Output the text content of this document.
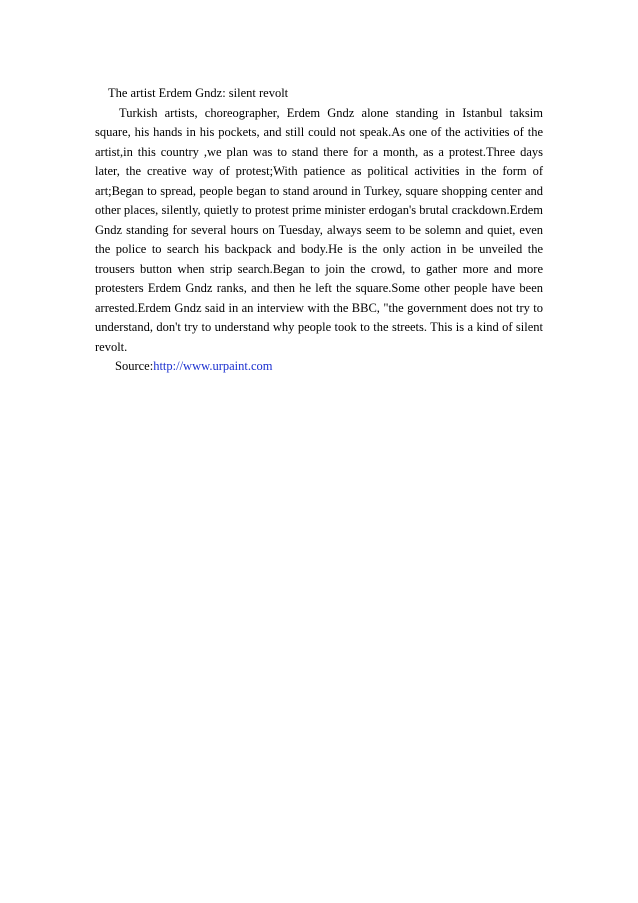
The artist Erdem Gndz: silent revolt

Turkish artists, choreographer, Erdem Gndz alone standing in Istanbul taksim square, his hands in his pockets, and still could not speak.As one of the activities of the artist,in this country ,we plan was to stand there for a month, as a protest.Three days later, the creative way of protest;With patience as political activities in the form of art;Began to spread, people began to stand around in Turkey, square shopping center and other places, silently, quietly to protest prime minister erdogan's brutal crackdown.Erdem Gndz standing for several hours on Tuesday, always seem to be solemn and quiet, even the police to search his backpack and body.He is the only action in be unveiled the trousers button when strip search.Began to join the crowd, to gather more and more protesters Erdem Gndz ranks, and then he left the square.Some other people have been arrested.Erdem Gndz said in an interview with the BBC, "the government does not try to understand, don't try to understand why people took to the streets. This is a kind of silent revolt.

Source:http://www.urpaint.com
